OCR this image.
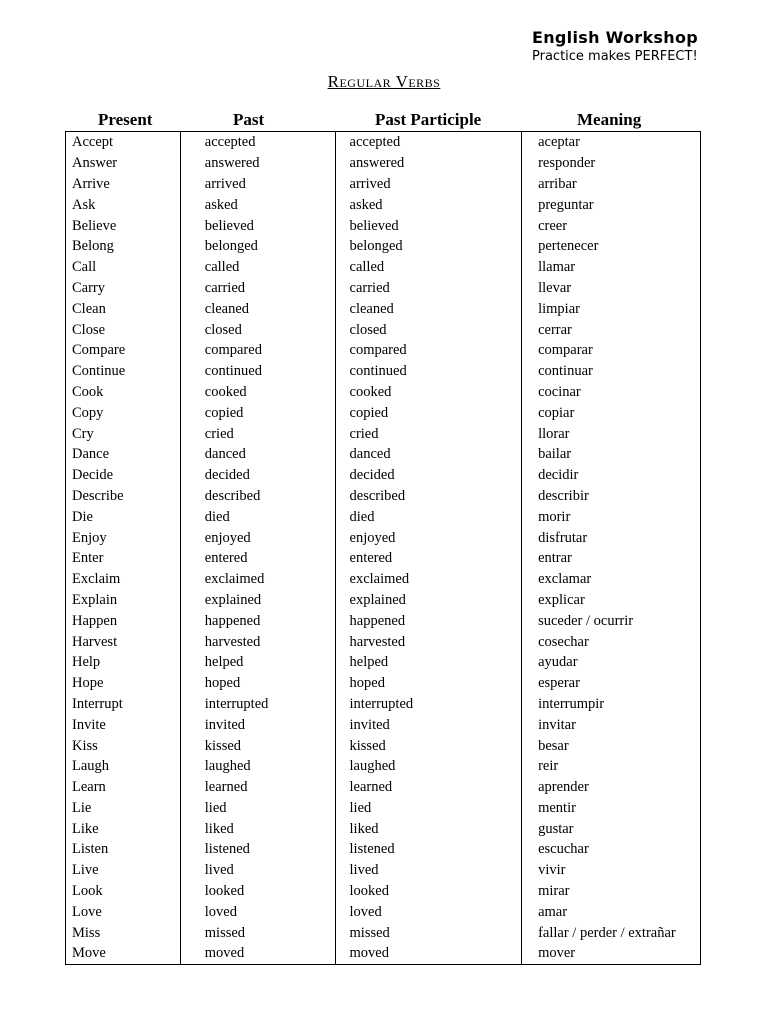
English Workshop
Practice makes PERFECT!
Regular Verbs
Present	Past	Past Participle	Meaning
Accept	accepted	accepted	aceptar
Answer	answered	answered	responder
Arrive	arrived	arrived	arribar
Ask	asked	asked	preguntar
Believe	believed	believed	creer
Belong	belonged	belonged	pertenecer
Call	called	called	llamar
Carry	carried	carried	llevar
Clean	cleaned	cleaned	limpiar
Close	closed	closed	cerrar
Compare	compared	compared	comparar
Continue	continued	continued	continuar
Cook	cooked	cooked	cocinar
Copy	copied	copied	copiar
Cry	cried	cried	llorar
Dance	danced	danced	bailar
Decide	decided	decided	decidir
Describe	described	described	describir
Die	died	died	morir
Enjoy	enjoyed	enjoyed	disfrutar
Enter	entered	entered	entrar
Exclaim	exclaimed	exclaimed	exclamar
Explain	explained	explained	explicar
Happen	happened	happened	suceder / ocurrir
Harvest	harvested	harvested	cosechar
Help	helped	helped	ayudar
Hope	hoped	hoped	esperar
Interrupt	interrupted	interrupted	interrumpir
Invite	invited	invited	invitar
Kiss	kissed	kissed	besar
Laugh	laughed	laughed	reir
Learn	learned	learned	aprender
Lie	lied	lied	mentir
Like	liked	liked	gustar
Listen	listened	listened	escuchar
Live	lived	lived	vivir
Look	looked	looked	mirar
Love	loved	loved	amar
Miss	missed	missed	fallar / perder / extrañar
Move	moved	moved	mover
